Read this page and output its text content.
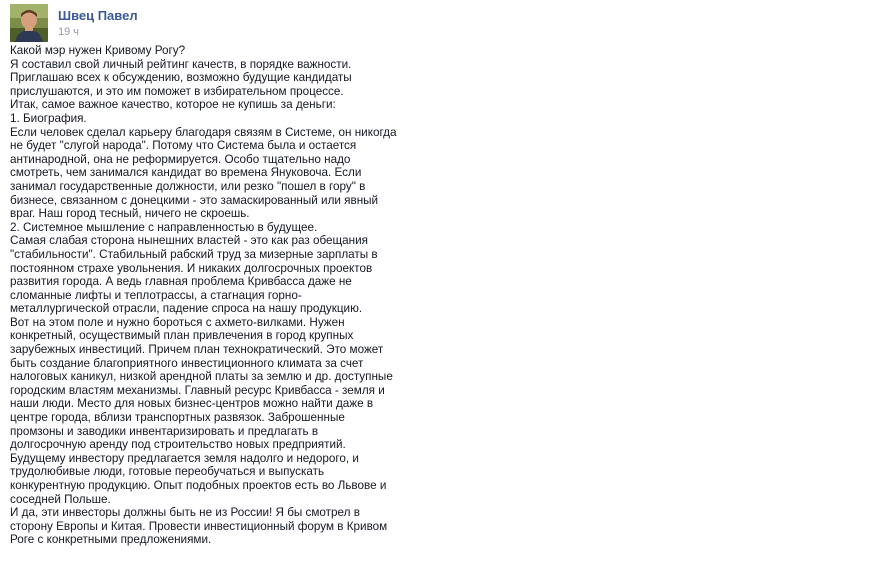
Швец Павел
19 ч
Какой мэр нужен Кривому Рогу?
Я составил свой личный рейтинг качеств, в порядке важности.
Приглашаю всех к обсуждению, возможно будущие кандидаты
прислушаются, и это им поможет в избирательном процессе.
Итак, самое важное качество, которое не купишь за деньги:
1. Биография.
Если человек сделал карьеру благодаря связям в Системе, он никогда
не будет "слугой народа". Потому что Система была и остается
антинародной, она не реформируется. Особо тщательно надо
смотреть, чем занимался кандидат во времена Януковоча. Если
занимал государственные должности, или резко "пошел в гору" в
бизнесе, связанном с донецкими - это замаскированный или явный
враг. Наш город тесный, ничего не скроешь.
2. Системное мышление с направленностью в будущее.
Самая слабая сторона нынешних властей - это как раз обещания
"стабильности". Стабильный рабский труд за мизерные зарплаты в
постоянном страхе увольнения. И никаких долгосрочных проектов
развития города. А ведь главная проблема Кривбасса даже не
сломанные лифты и теплотрассы, а стагнация горно-
металлургической отрасли, падение спроса на нашу продукцию.
Вот на этом поле и нужно бороться с ахмето-вилками. Нужен
конкретный, осуществимый план привлечения в город крупных
зарубежных инвестиций. Причем план технократический. Это может
быть создание благоприятного инвестиционного климата за счет
налоговых каникул, низкой арендной платы за землю и др. доступные
городским властям механизмы. Главный ресурс Кривбасса - земля и
наши люди. Место для новых бизнес-центров можно найти даже в
центре города, вблизи транспортных развязок. Заброшенные
промзоны и заводики инвентаризировать и предлагать в
долгосрочную аренду под строительство новых предприятий.
Будущему инвестору предлагается земля надолго и недорого, и
трудолюбивые люди, готовые переобучаться и выпускать
конкурентную продукцию. Опыт подобных проектов есть во Львове и
соседней Польше.
И да, эти инвесторы должны быть не из России! Я бы смотрел в
сторону Европы и Китая. Провести инвестиционный форум в Кривом
Роге с конкретными предложениями.
